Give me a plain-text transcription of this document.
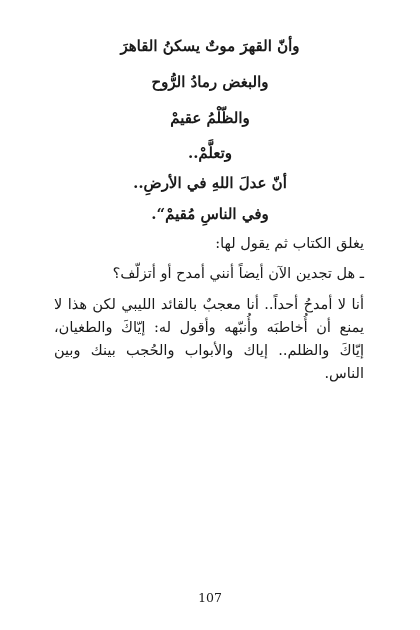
وأنّ القهرَ موتٌ يسكنُ القاهرَ
والبغض رمادُ الرُّوح
والظّلْمُ عقيمْ
وتعلَّمْ..
أنّ عدلَ اللهِ في الأرضِ..
وفي الناسِ مُقيمْ“.
يغلق الكتاب ثم يقول لها:
ـ هل تجدين الآن أيضاً أنني أمدح أو أتزلّف؟
أنا لا أمدحُ أحداً.. أنا معجبٌ بالقائد الليبي لكن هذا لا يمنع أن أُخاطبَه وأُنبّهه وأقول له: إيّاكَ والطغيان، إيّاكَ والظلم.. إياك والأبواب والحُجب بينك وبين الناس.
107
